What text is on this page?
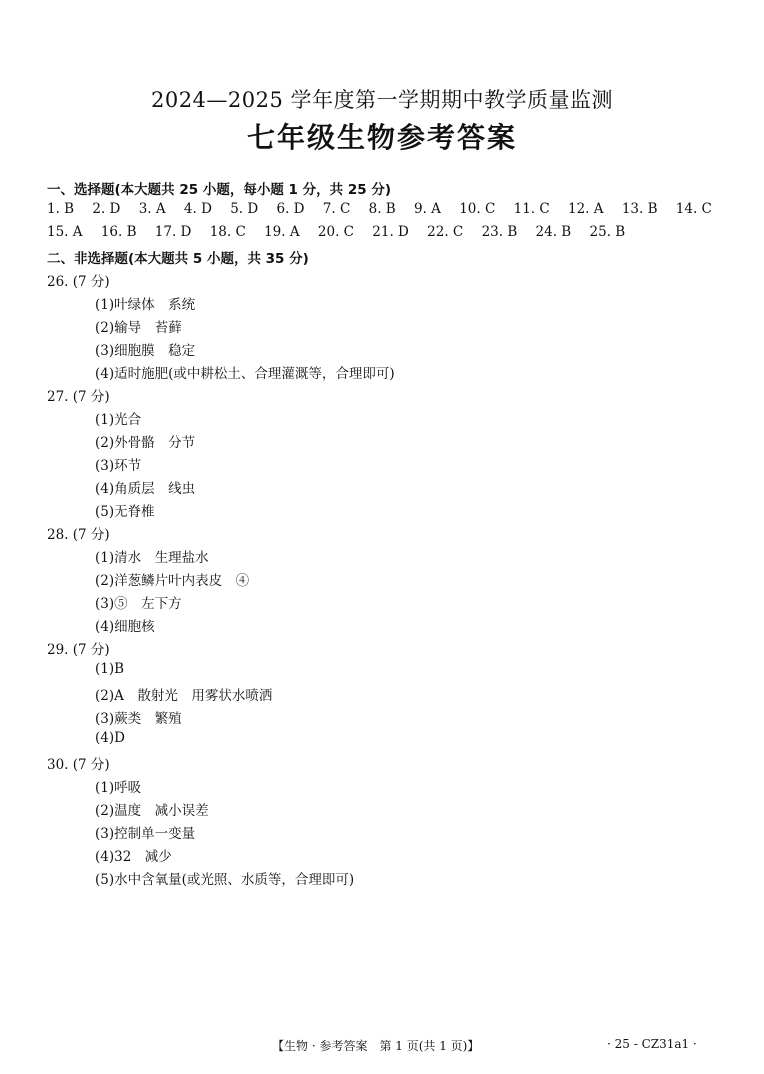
2024—2025 学年度第一学期期中教学质量监测
七年级生物参考答案
一、选择题(本大题共 25 小题，每小题 1 分，共 25 分)
1. B 2. D 3. A 4. D 5. D 6. D 7. C 8. B 9. A 10. C 11. C 12. A 13. B 14. C
15. A 16. B 17. D 18. C 19. A 20. C 21. D 22. C 23. B 24. B 25. B
二、非选择题(本大题共 5 小题，共 35 分)
26. (7 分)
(1)叶绿体　系统
(2)输导　苔藓
(3)细胞膜　稳定
(4)适时施肥(或中耕松土、合理灌溉等，合理即可)
27. (7 分)
(1)光合
(2)外骨骼　分节
(3)环节
(4)角质层　线虫
(5)无脊椎
28. (7 分)
(1)清水　生理盐水
(2)洋葱鳞片叶内表皮　④
(3)⑤　左下方
(4)细胞核
29. (7 分)
(1)B
(2)A　散射光　用雾状水喷洒
(3)蕨类　繁殖
(4)D
30. (7 分)
(1)呼吸
(2)温度　减小误差
(3)控制单一变量
(4)32　减少
(5)水中含氧量(或光照、水质等，合理即可)
【生物 · 参考答案　第 1 页(共 1 页)】	· 25 - CZ31a1 ·
